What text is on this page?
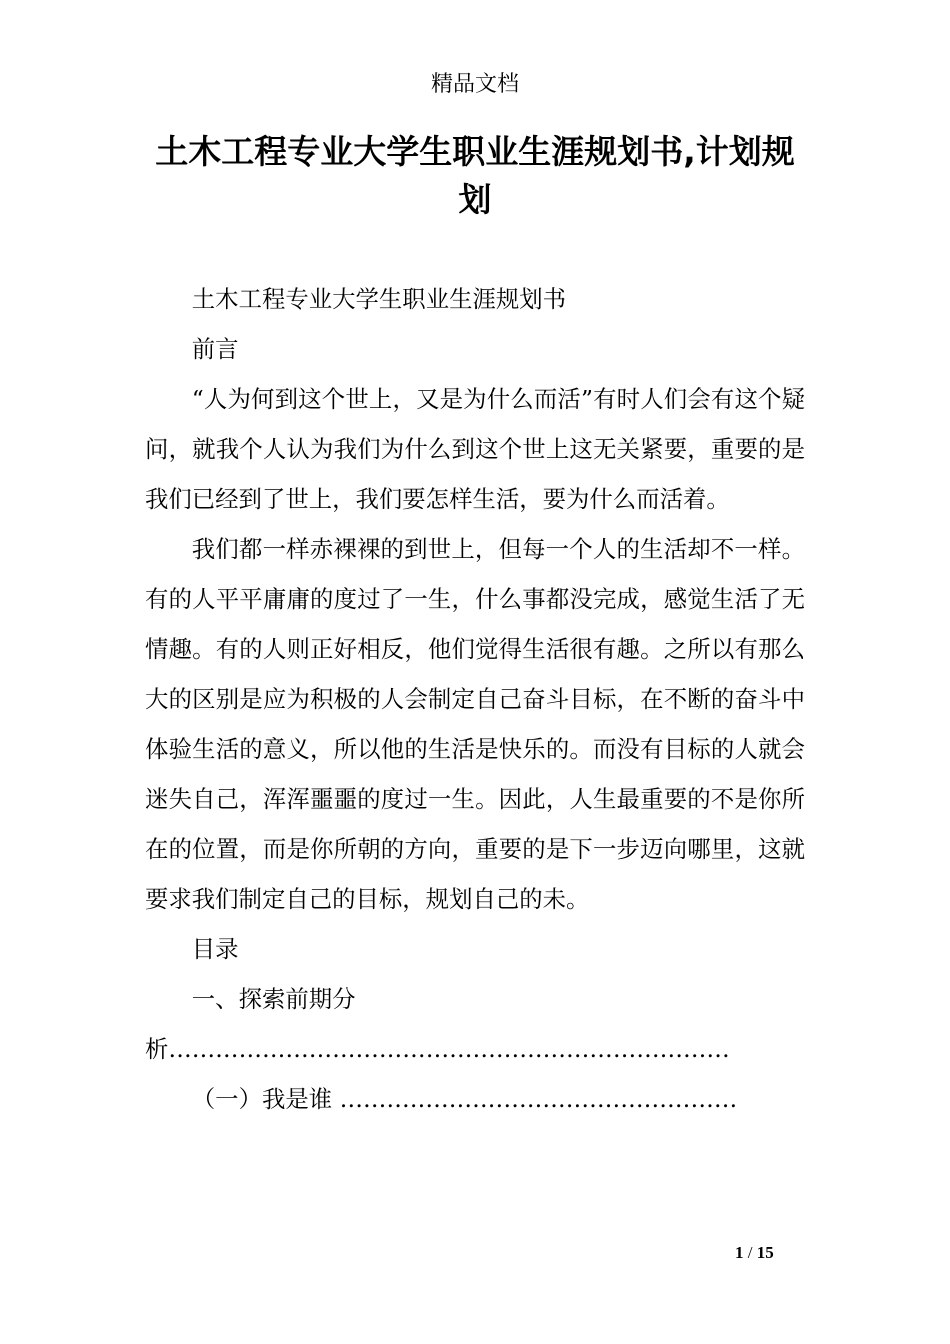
精品文档
土木工程专业大学生职业生涯规划书,计划规划

土木工程专业大学生职业生涯规划书

前言

“人为何到这个世上，又是为什么而活”有时人们会有这个疑问，就我个人认为我们为什么到这个世上这无关紧要，重要的是我们已经到了世上，我们要怎样生活，要为什么而活着。

我们都一样赤裸裸的到世上，但每一个人的生活却不一样。有的人平平庸庸的度过了一生，什么事都没完成，感觉生活了无情趣。有的人则正好相反，他们觉得生活很有趣。之所以有那么大的区别是应为积极的人会制定自己奋斗目标，在不断的奋斗中体验生活的意义，所以他的生活是快乐的。而没有目标的人就会迷失自己，浑浑噩噩的度过一生。因此，人生最重要的不是你所在的位置，而是你所朝的方向，重要的是下一步迈向哪里，这就要求我们制定自己的目标，规划自己的未。

目录

一、探索前期分析………………………………………………………………
（一）我是谁 ……………………………………………
1 / 15
